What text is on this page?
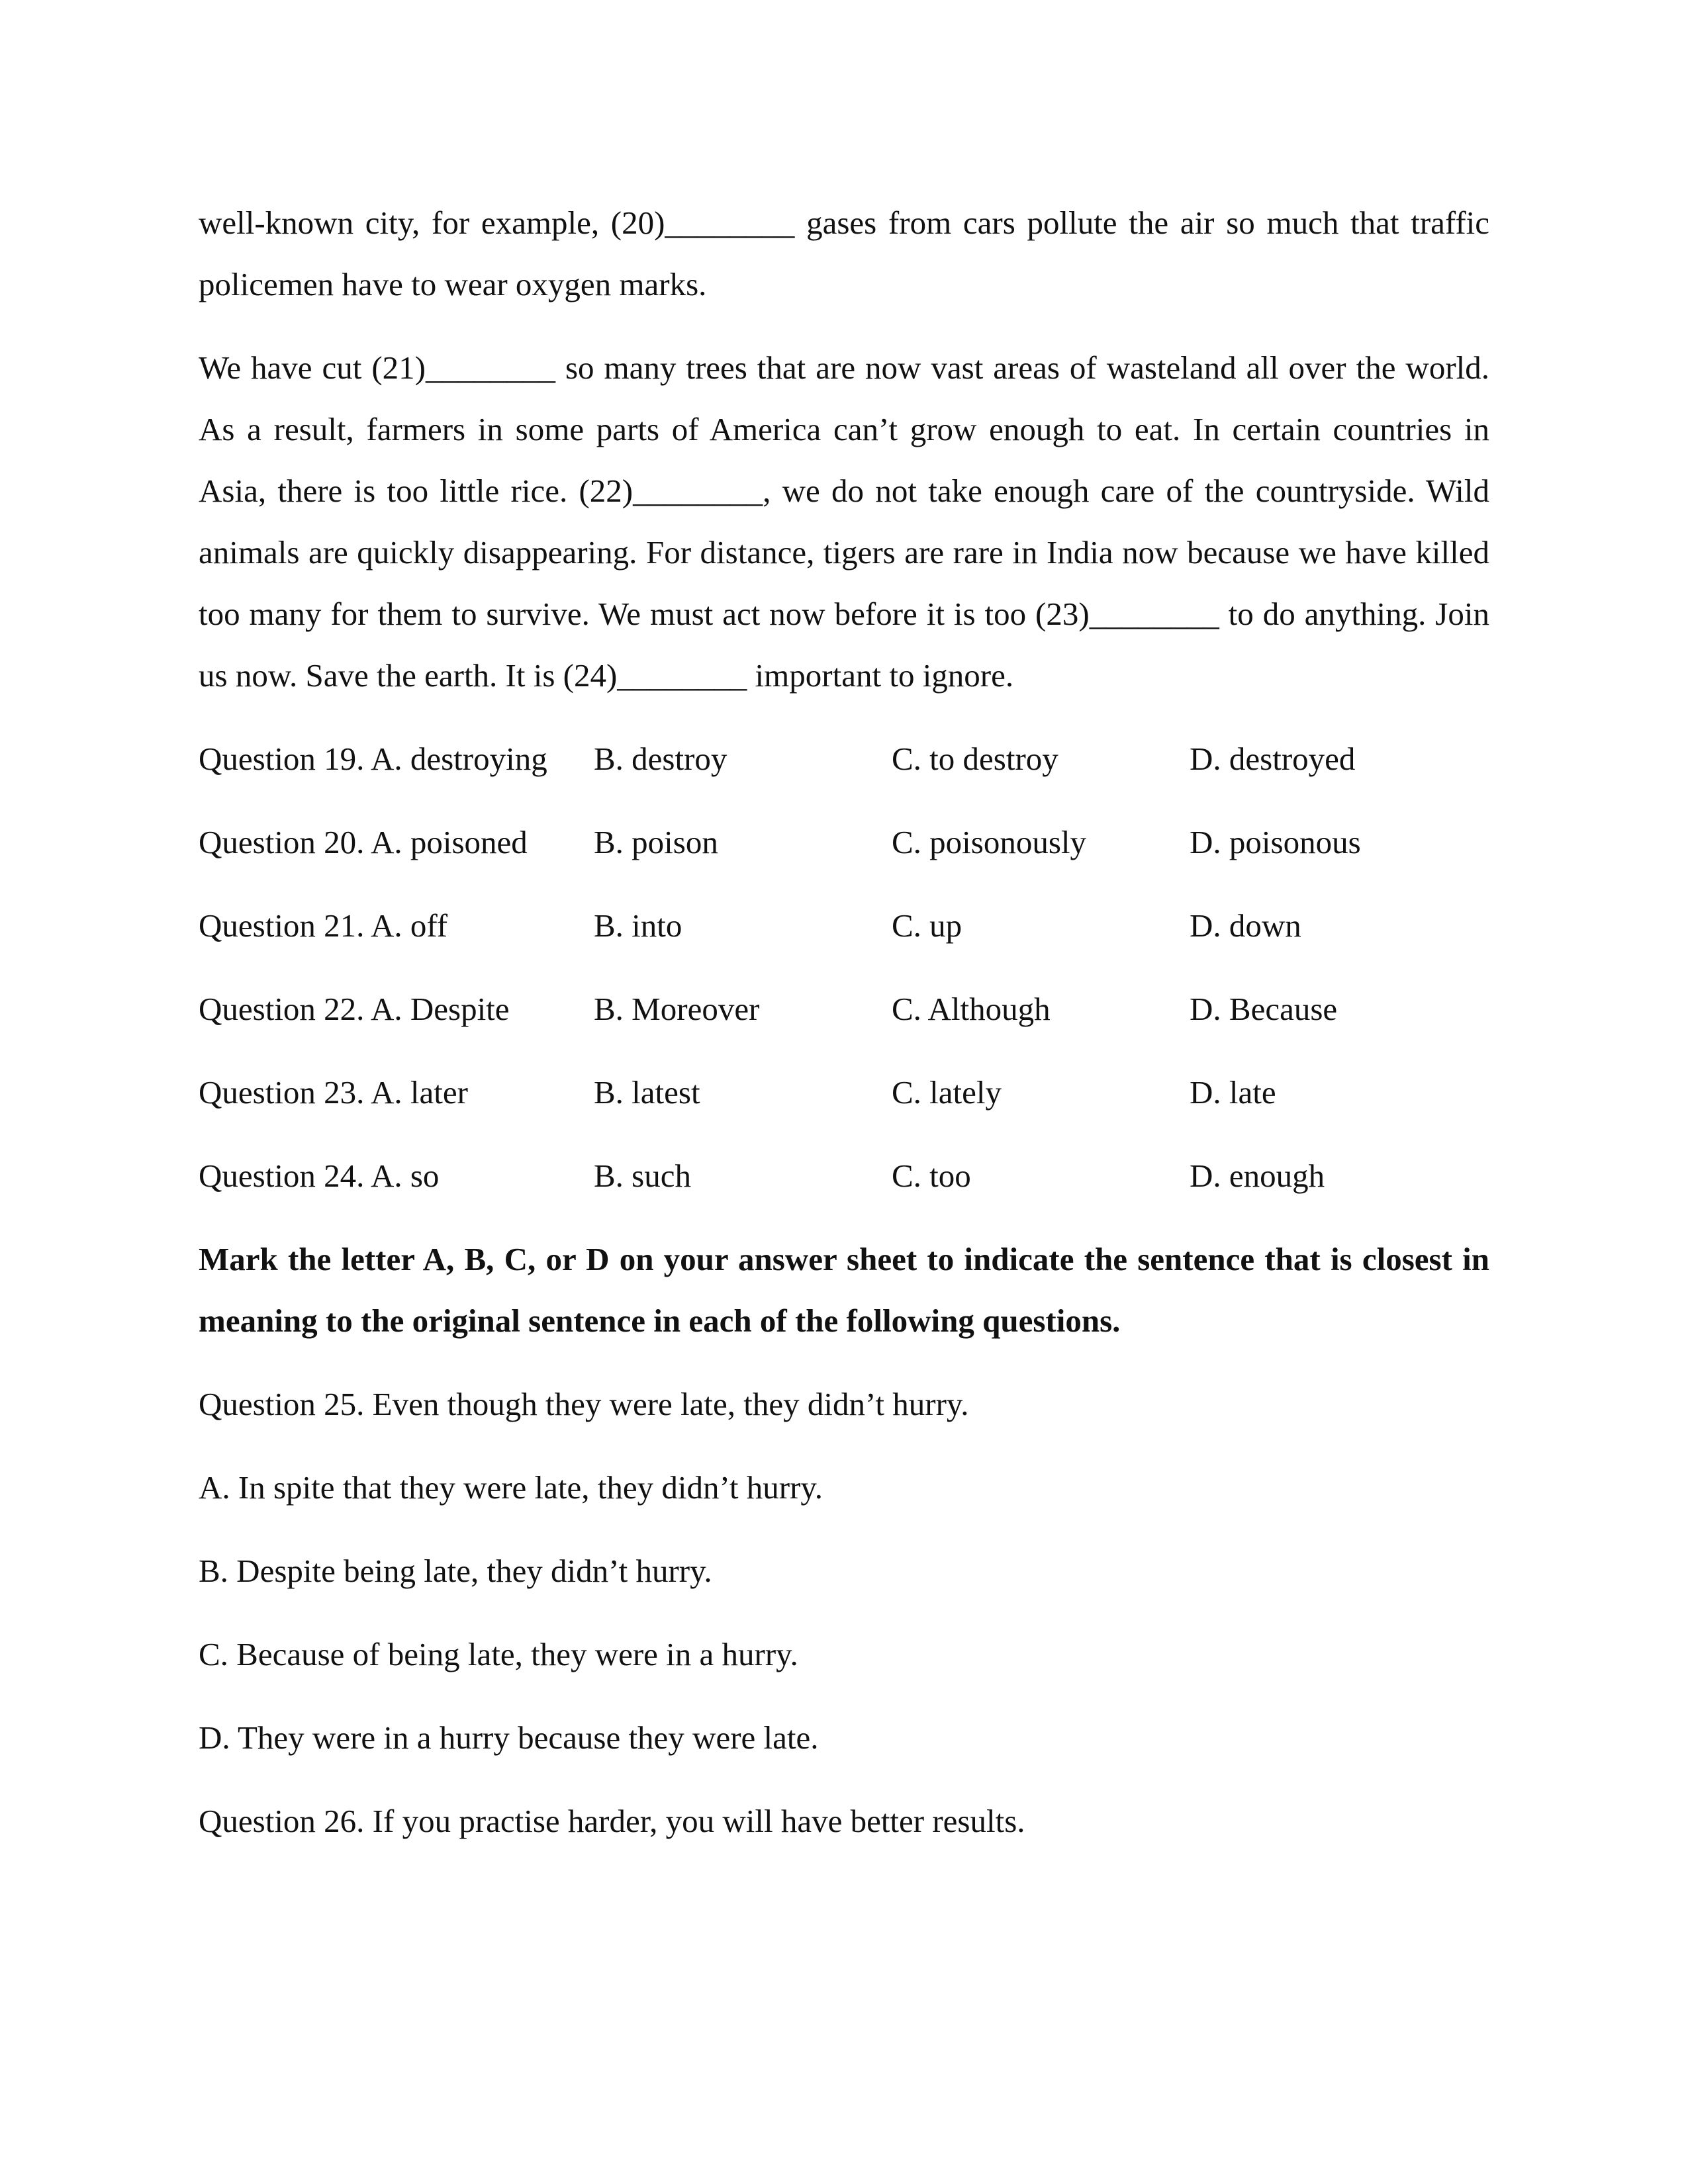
well-known city, for example, (20)________ gases from cars pollute the air so much that traffic policemen have to wear oxygen marks.

We have cut (21)________ so many trees that are now vast areas of wasteland all over the world. As a result, farmers in some parts of America can’t grow enough to eat. In certain countries in Asia, there is too little rice. (22)________, we do not take enough care of the countryside. Wild animals are quickly disappearing. For distance, tigers are rare in India now because we have killed too many for them to survive. We must act now before it is too (23)________ to do anything. Join us now. Save the earth. It is (24)________ important to ignore.

Question 19. A. destroying B. destroy	C. to destroy	D. destroyed
Question 20. A. poisoned B. poison	C. poisonously	D. poisonous
Question 21. A. off	B. into	C. up	D. down
Question 22. A. Despite	B. Moreover	C. Although	D. Because
Question 23. A. later	B. latest	C. lately	D. late
Question 24. A. so	B. such	C. too	D. enough

Mark the letter A, B, C, or D on your answer sheet to indicate the sentence that is closest in meaning to the original sentence in each of the following questions.

Question 25. Even though they were late, they didn’t hurry.
A. In spite that they were late, they didn’t hurry.
B. Despite being late, they didn’t hurry.
C. Because of being late, they were in a hurry.
D. They were in a hurry because they were late.
Question 26. If you practise harder, you will have better results.
